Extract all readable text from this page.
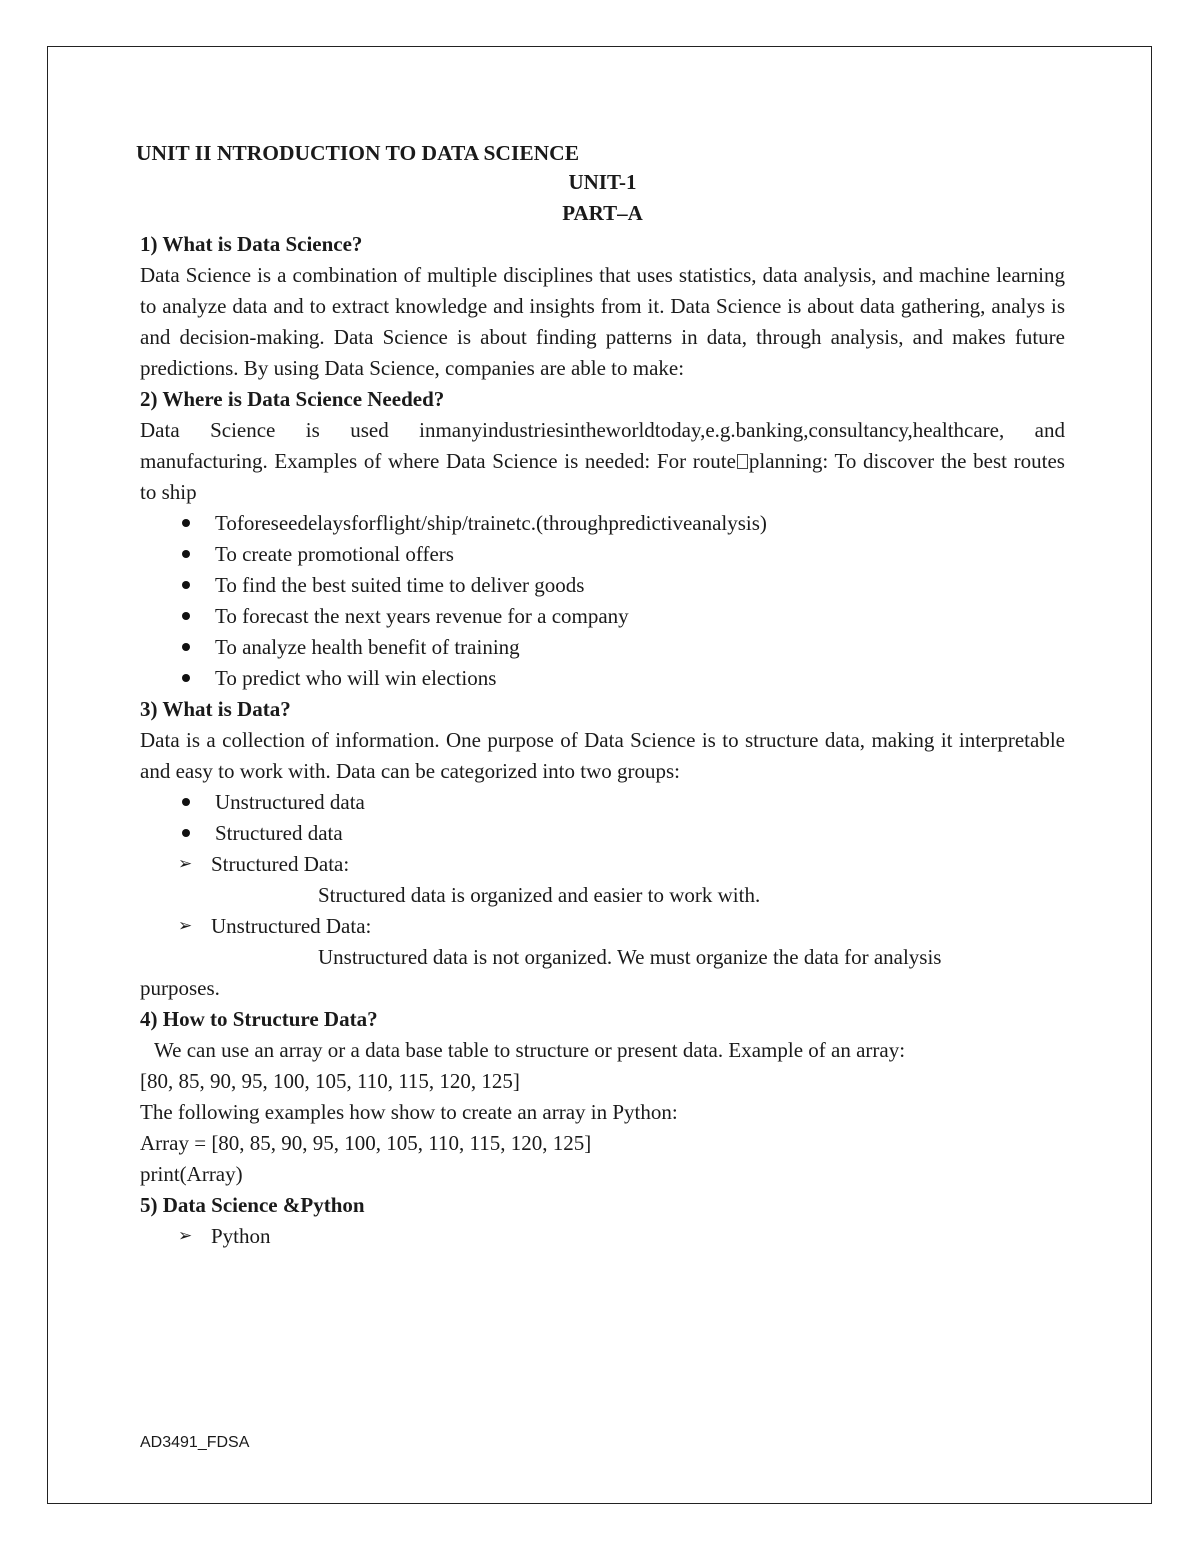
UNIT II NTRODUCTION TO DATA SCIENCE
UNIT-1
PART–A
1) What is Data Science?

Data Science is a combination of multiple disciplines that uses statistics, data analysis, and machine learning to analyze data and to extract knowledge and insights from it. Data Science is about data gathering, analys is and decision-making. Data Science is about finding patterns in data, through analysis, and makes future predictions. By using Data Science, companies are able to make:

2) Where is Data Science Needed?

Data Science is used inmanyindustriesintheworldtoday,e.g.banking,consultancy,healthcare, and manufacturing. Examples of where Data Science is needed: For route planning: To discover the best routes to ship

Toforeseedelaysforflight/ship/trainetc.(throughpredictiveanalysis)
To create promotional offers
To find the best suited time to deliver goods
To forecast the next years revenue for a company
To analyze health benefit of training
To predict who will win elections
3) What is Data?

Data is a collection of information. One purpose of Data Science is to structure data, making it interpretable and easy to work with. Data can be categorized into two groups:

Unstructured data
Structured data
➢ Structured Data:
Structured data is organized and easier to work with.
➢ Unstructured Data:
Unstructured data is not organized. We must organize the data for analysis
purposes.
4) How to Structure Data?
We can use an array or a data base table to structure or present data. Example of an array:
[80, 85, 90, 95, 100, 105, 110, 115, 120, 125]
The following examples how show to create an array in Python:
Array = [80, 85, 90, 95, 100, 105, 110, 115, 120, 125]
print(Array)
5) Data Science &Python
➢ Python
AD3491_FDSA
